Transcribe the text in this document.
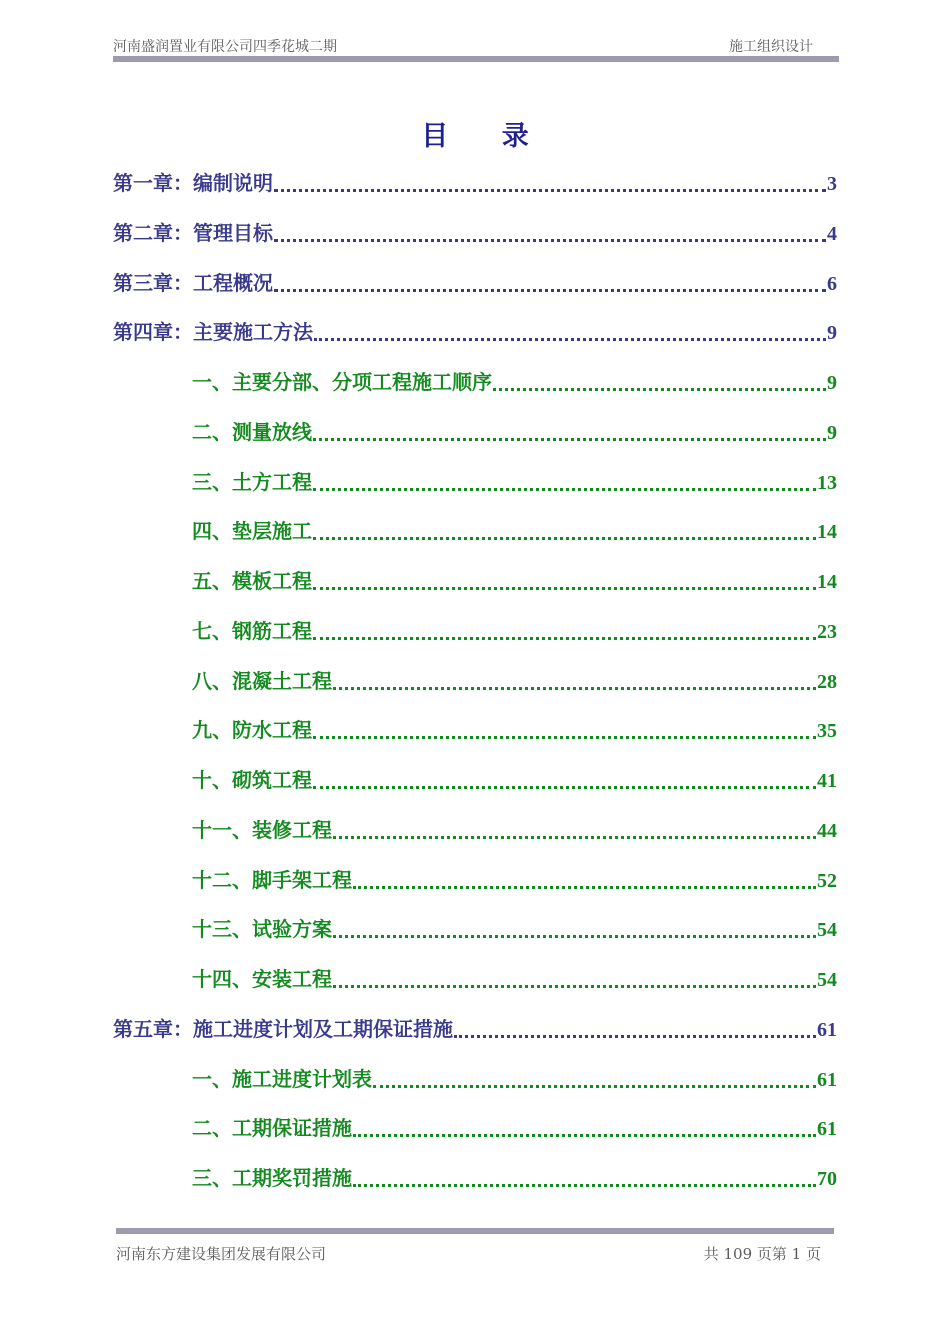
河南盛润置业有限公司四季花城二期	施工组织设计
目 录
第一章：编制说明	3
第二章：管理目标	4
第三章：工程概况	6
第四章：主要施工方法	9
一、主要分部、分项工程施工顺序	9
二、测量放线	9
三、土方工程	13
四、垫层施工	14
五、模板工程	14
七、钢筋工程	23
八、混凝土工程	28
九、防水工程	35
十、砌筑工程	41
十一、装修工程	44
十二、脚手架工程	52
十三、试验方案	54
十四、安装工程	54
第五章：施工进度计划及工期保证措施	61
一、施工进度计划表	61
二、工期保证措施	61
三、工期奖罚措施	70
河南东方建设集团发展有限公司	共 109 页第 1 页
